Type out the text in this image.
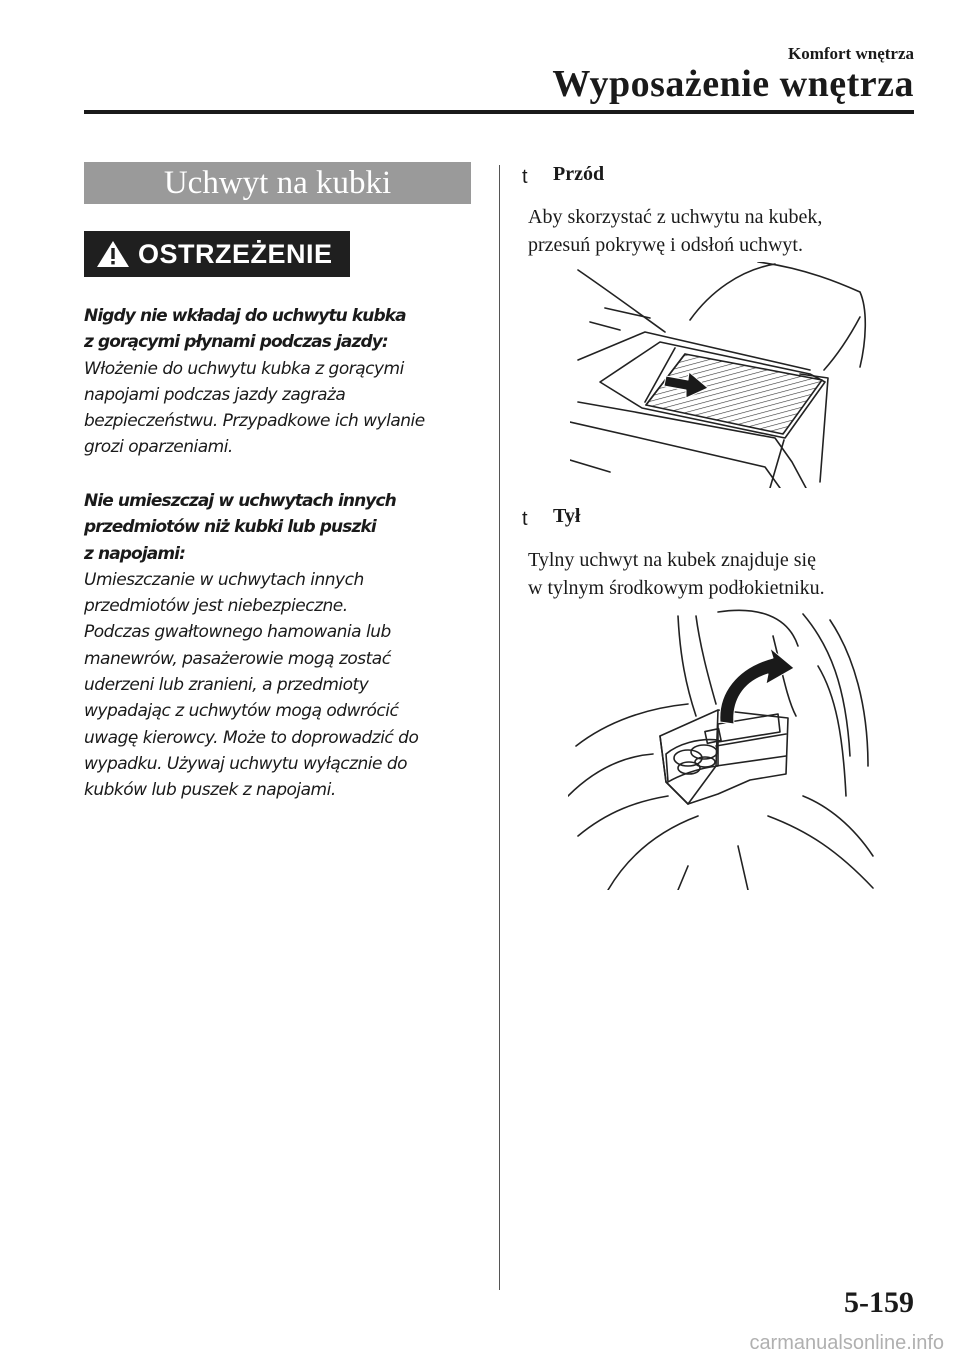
Komfort wnętrza
Wyposażenie wnętrza
Uchwyt na kubki
OSTRZEŻENIE
Nigdy nie wkładaj do uchwytu kubka
z gorącymi płynami podczas jazdy:
Włożenie do uchwytu kubka z gorącymi
napojami podczas jazdy zagraża
bezpieczeństwu. Przypadkowe ich wylanie
grozi oparzeniami.
Nie umieszczaj w uchwytach innych
przedmiotów niż kubki lub puszki
z napojami:
Umieszczanie w uchwytach innych
przedmiotów jest niebezpieczne.
Podczas gwałtownego hamowania lub
manewrów, pasażerowie mogą zostać
uderzeni lub zranieni, a przedmioty
wypadając z uchwytów mogą odwrócić
uwagę kierowcy. Może to doprowadzić do
wypadku. Używaj uchwytu wyłącznie do
kubków lub puszek z napojami.
t Przód
Aby skorzystać z uchwytu na kubek,
przesuń pokrywę i odsłoń uchwyt.
t Tył
Tylny uchwyt na kubek znajduje się
w tylnym środkowym podłokietniku.
5-159
carmanualsonline.info
